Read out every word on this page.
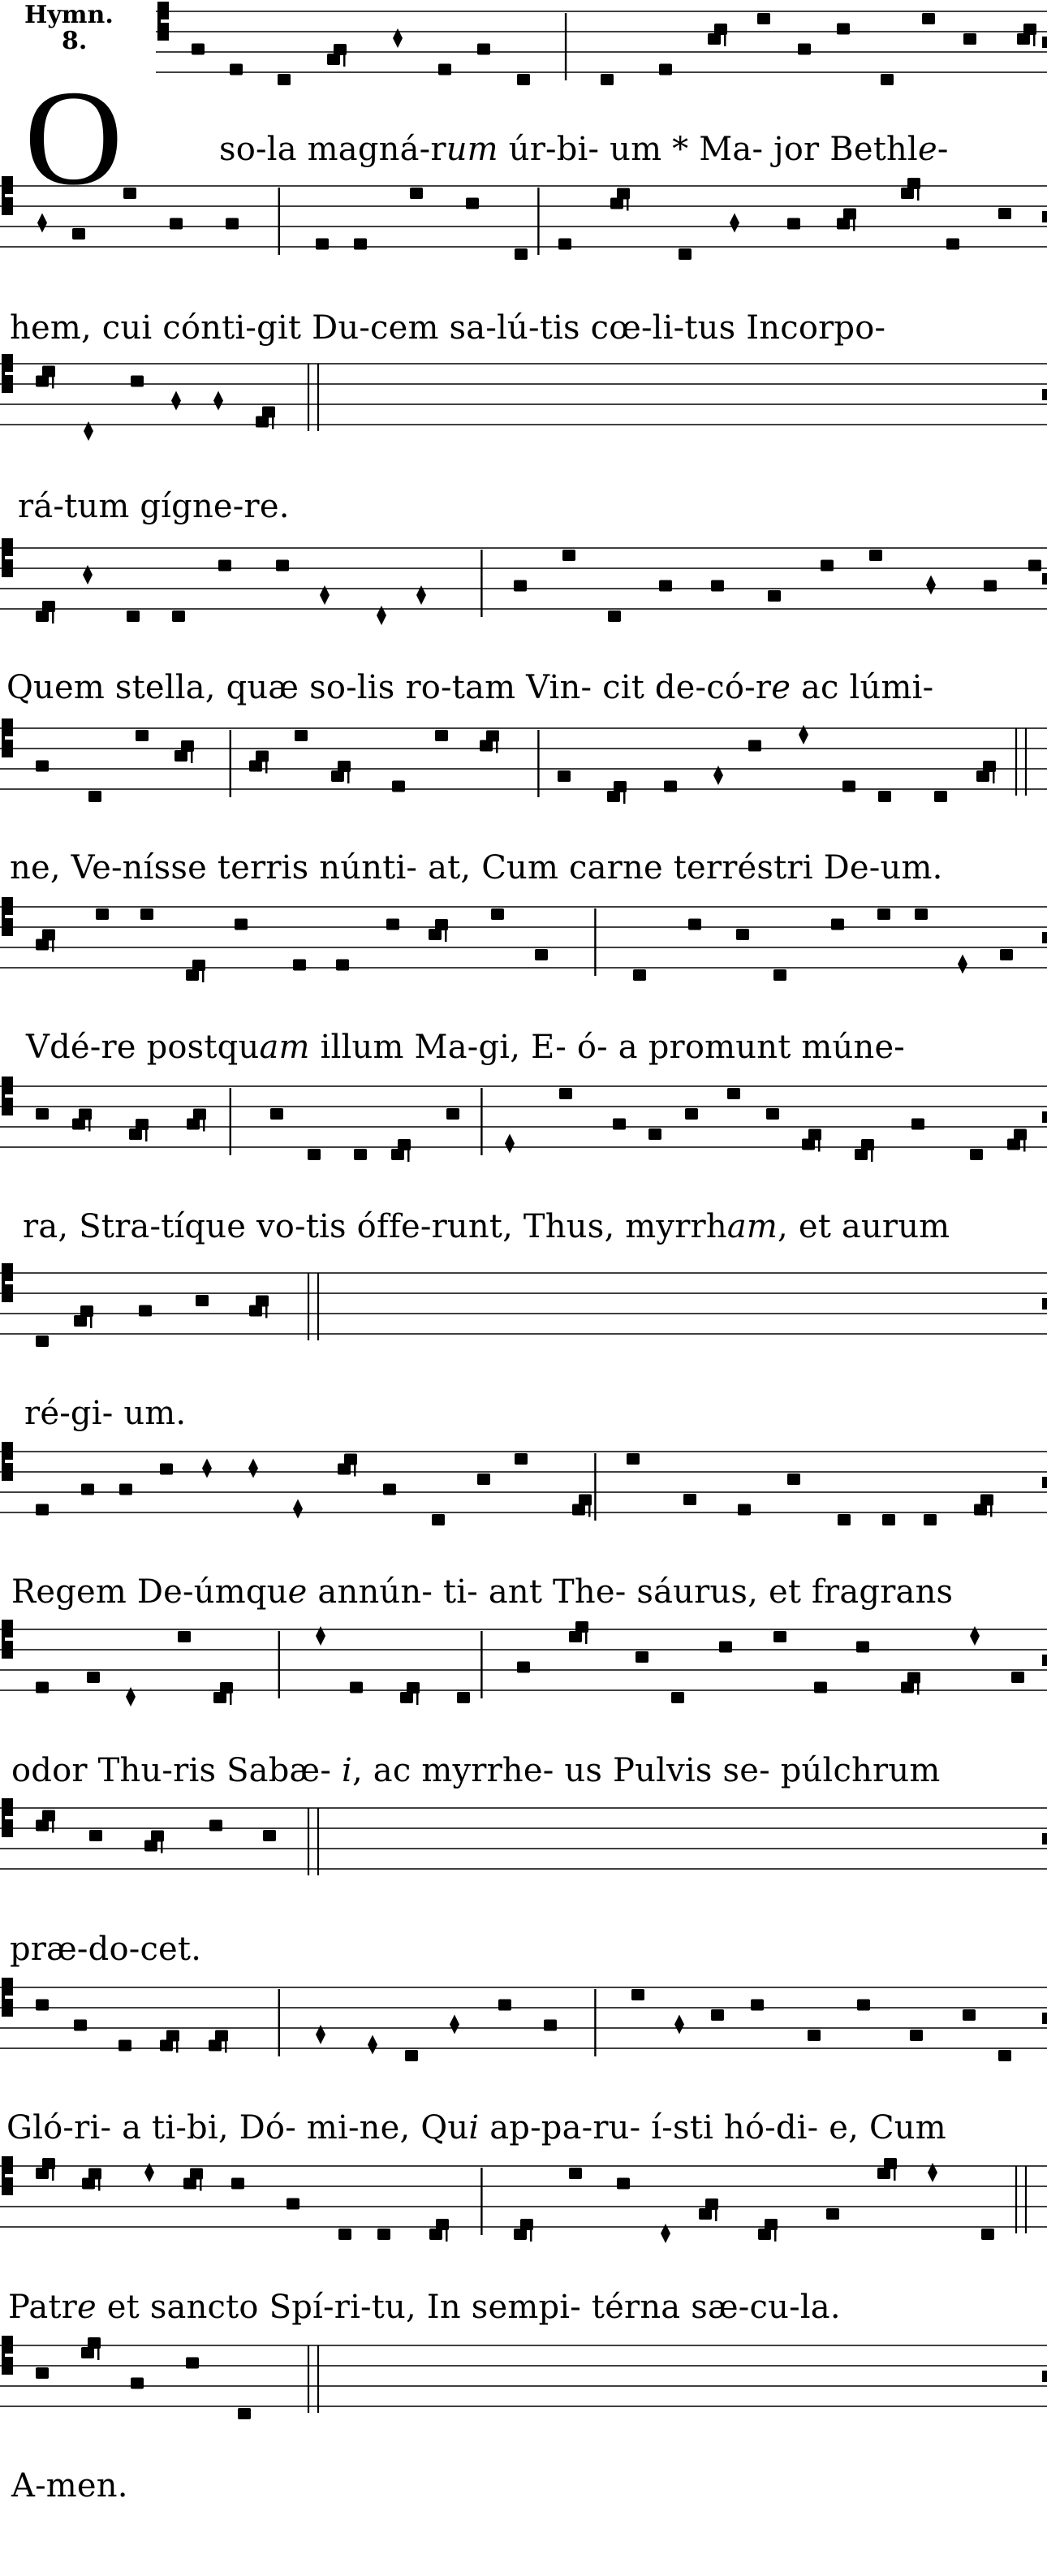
Hymn.
8.
O	so-la magná-rum úr-bi- um * Ma- jor Bethle-
hem, cui cónti-git Du-cem sa-lú-tis cœ-li-tus Incorpo-
rá-tum gígne-re.
Quem stella, quæ so-lis ro-tam Vin- cit de-có-re ac lúmi-
ne, Ve-nísse terris núnti- at, Cum carne terréstri De-um.
Vdé-re postquam illum Ma-gi, E- ó- a promunt múne-
ra, Stra-tíque vo-tis óffe-runt, Thus, myrrham, et aurum
ré-gi- um.
Regem De-úmque annún- ti- ant The- sáurus, et fragrans
odor Thu-ris Sabæ- i, ac myrrhe- us Pulvis se- púlchrum
præ-do-cet.
Gló-ri- a ti-bi, Dó- mi-ne, Qui ap-pa-ru- í-sti hó-di- e, Cum
Patre et sancto Spí-ri-tu, In sempi- térna sæ-cu-la.
A-men.
